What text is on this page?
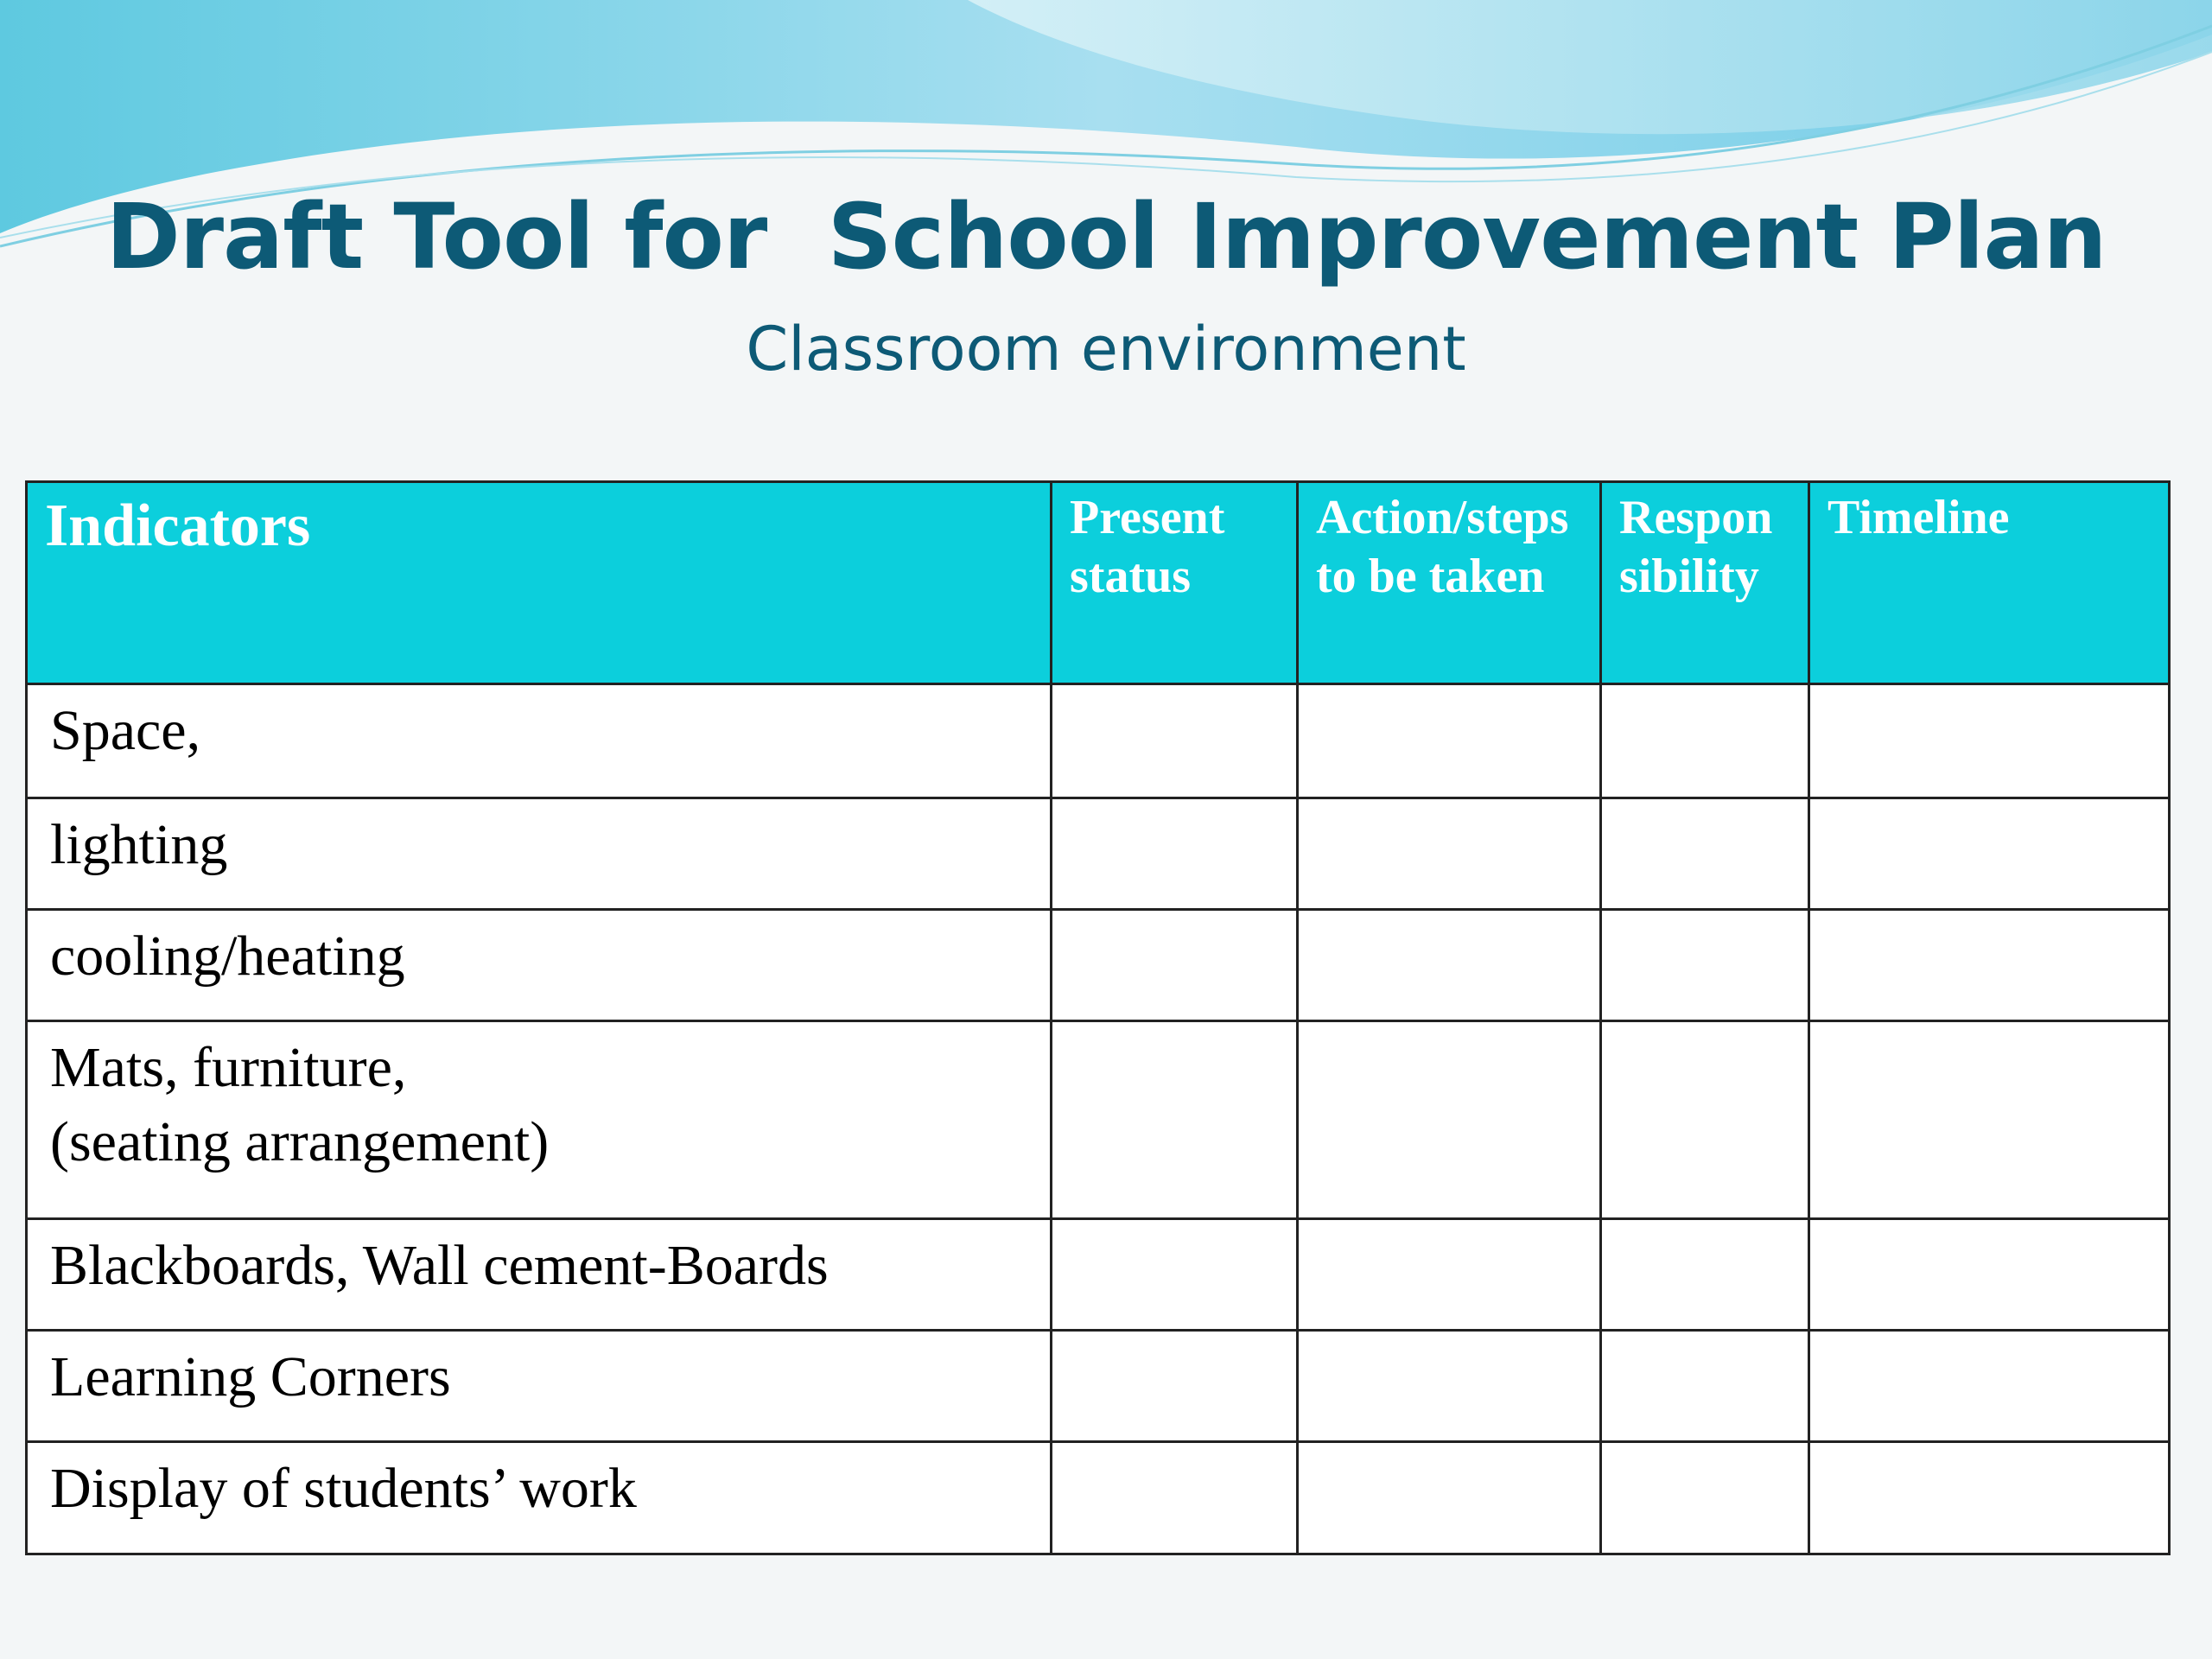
Draft Tool for  School Improvement Plan
Classroom environment
Indicators	Present status	Action/steps to be taken	Respon sibility	Timeline
Space,				
lighting				
cooling/heating				
Mats, furniture,
(seating arrangement)				
Blackboards, Wall cement-Boards				
Learning Corners				
Display of students’ work				
